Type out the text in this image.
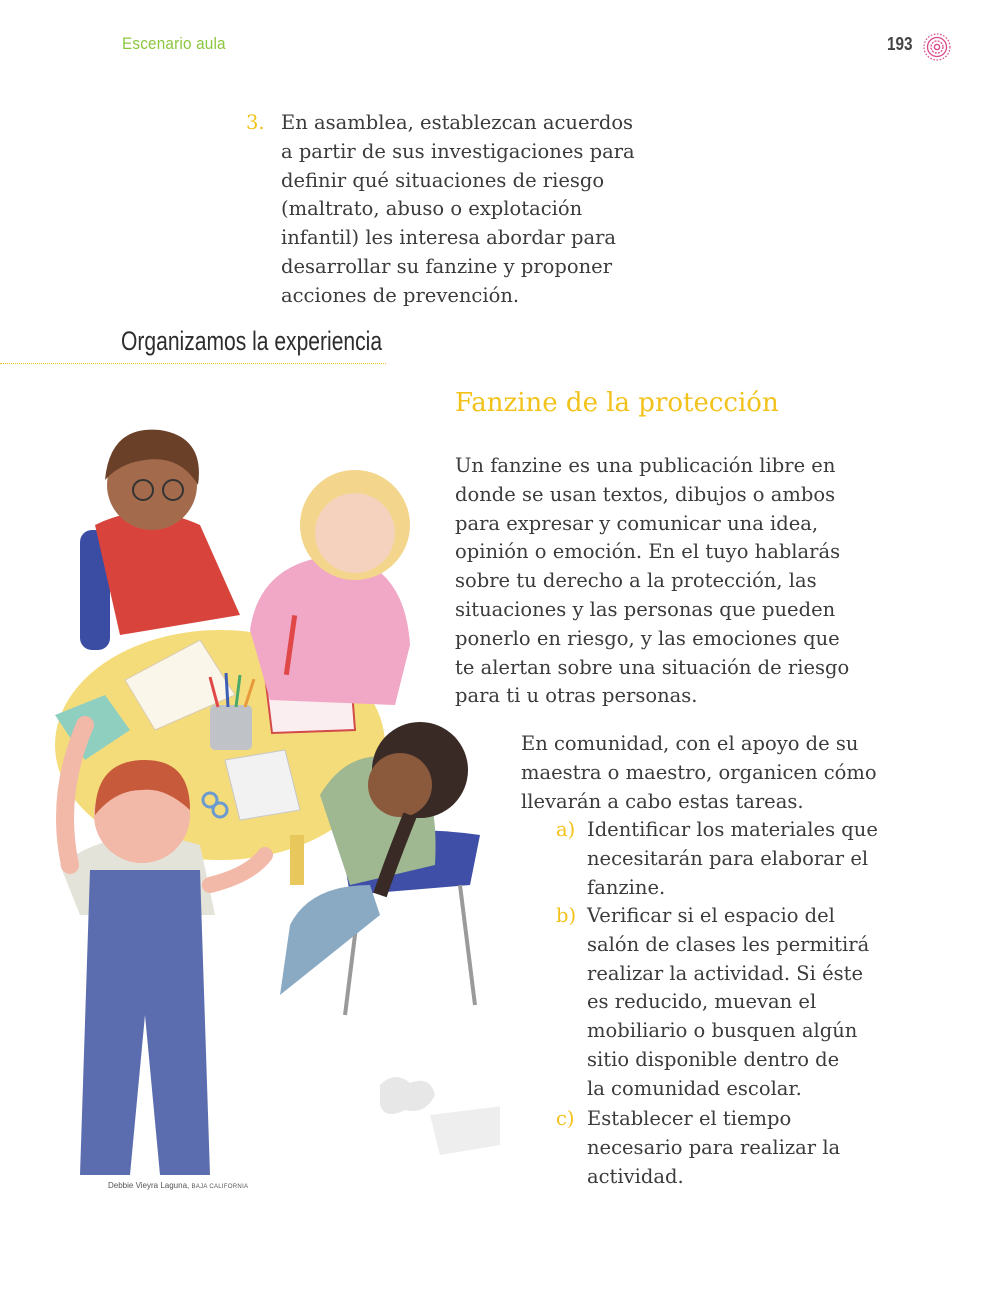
Escenario aula	193
3. En asamblea, establezcan acuerdos
a partir de sus investigaciones para
definir qué situaciones de riesgo
(maltrato, abuso o explotación
infantil) les interesa abordar para
desarrollar su fanzine y proponer
acciones de prevención.
Organizamos la experiencia
Fanzine de la protección
Un fanzine es una publicación libre en
donde se usan textos, dibujos o ambos
para expresar y comunicar una idea,
opinión o emoción. En el tuyo hablarás
sobre tu derecho a la protección, las
situaciones y las personas que pueden
ponerlo en riesgo, y las emociones que
te alertan sobre una situación de riesgo
para ti u otras personas.
En comunidad, con el apoyo de su
maestra o maestro, organicen cómo
llevarán a cabo estas tareas.
a) Identificar los materiales que
necesitarán para elaborar el
fanzine.
b) Verificar si el espacio del
salón de clases les permitirá
realizar la actividad. Si éste
es reducido, muevan el
mobiliario o busquen algún
sitio disponible dentro de
la comunidad escolar.
c) Establecer el tiempo
necesario para realizar la
actividad.
Debbie Vieyra Laguna, BAJA CALIFORNIA
